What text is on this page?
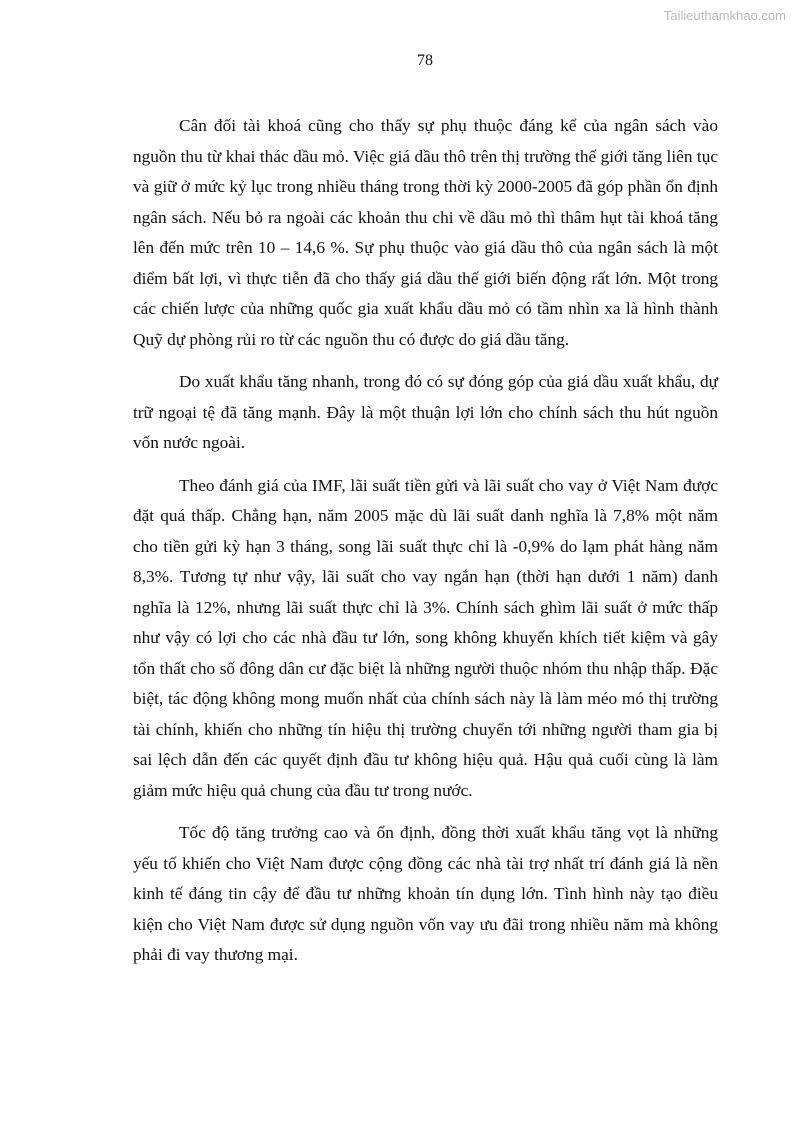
Tailieuthamkhao.com
78

Cân đối tài khoá cũng cho thấy sự phụ thuộc đáng kể của ngân sách vào nguồn thu từ khai thác dầu mỏ. Việc giá dầu thô trên thị trường thế giới tăng liên tục và giữ ở mức kỷ lục trong nhiều tháng trong thời kỳ 2000-2005 đã góp phần ổn định ngân sách. Nếu bỏ ra ngoài các khoản thu chi về dầu mỏ thì thâm hụt tài khoá tăng lên đến mức trên 10 – 14,6 %. Sự phụ thuộc vào giá dầu thô của ngân sách là một điểm bất lợi, vì thực tiễn đã cho thấy giá dầu thế giới biến động rất lớn. Một trong các chiến lược của những quốc gia xuất khẩu dầu mỏ có tầm nhìn xa là hình thành Quỹ dự phòng rủi ro từ các nguồn thu có được do giá dầu tăng.

Do xuất khẩu tăng nhanh, trong đó có sự đóng góp của giá dầu xuất khẩu, dự trữ ngoại tệ đã tăng mạnh. Đây là một thuận lợi lớn cho chính sách thu hút nguồn vốn nước ngoài.

Theo đánh giá của IMF, lãi suất tiền gửi và lãi suất cho vay ở Việt Nam được đặt quá thấp. Chẳng hạn, năm 2005 mặc dù lãi suất danh nghĩa là 7,8% một năm cho tiền gửi kỳ hạn 3 tháng, song lãi suất thực chỉ là -0,9% do lạm phát hàng năm 8,3%. Tương tự như vậy, lãi suất cho vay ngắn hạn (thời hạn dưới 1 năm) danh nghĩa là 12%, nhưng lãi suất thực chỉ là 3%. Chính sách ghìm lãi suất ở mức thấp như vậy có lợi cho các nhà đầu tư lớn, song không khuyến khích tiết kiệm và gây tổn thất cho số đông dân cư đặc biệt là những người thuộc nhóm thu nhập thấp. Đặc biệt, tác động không mong muốn nhất của chính sách này là làm méo mó thị trường tài chính, khiến cho những tín hiệu thị trường chuyển tới những người tham gia bị sai lệch dẫn đến các quyết định đầu tư không hiệu quả. Hậu quả cuối cùng là làm giảm mức hiệu quả chung của đầu tư trong nước.

Tốc độ tăng trưởng cao và ổn định, đồng thời xuất khẩu tăng vọt là những yếu tố khiến cho Việt Nam được cộng đồng các nhà tài trợ nhất trí đánh giá là nền kinh tế đáng tin cậy để đầu tư những khoản tín dụng lớn. Tình hình này tạo điều kiện cho Việt Nam được sử dụng nguồn vốn vay ưu đãi trong nhiều năm mà không phải đi vay thương mại.
